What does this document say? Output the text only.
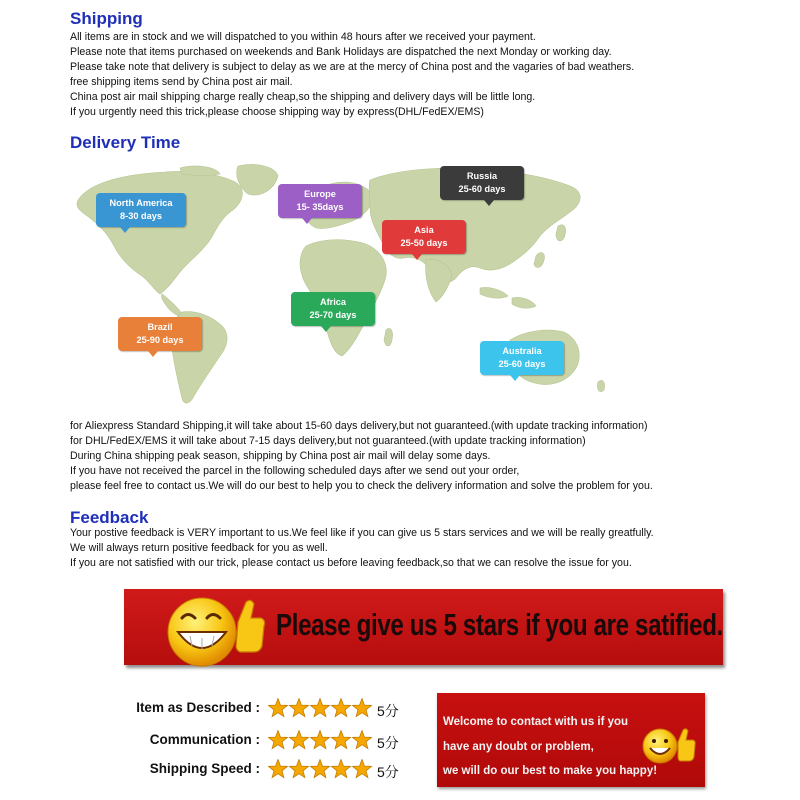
Shipping
All items are in stock and we will dispatched to you within 48 hours after we received your payment.
Please note that items purchased on weekends and Bank Holidays are dispatched the next Monday or working day.
Please take note that delivery is subject to delay as we are at the mercy of China post and the vagaries of bad weathers.
free shipping items send by China post air mail.
China post air mail shipping charge really cheap,so the shipping and delivery days will be little long.
If you urgently need this trick,please choose shipping way by express(DHL/FedEX/EMS)
Delivery Time
North America
8-30 days
Europe
15- 35days
Russia
25-60 days
Asia
25-50 days
Africa
25-70 days
Brazil
25-90 days
Australia
25-60 days
for Aliexpress Standard Shipping,it will take about 15-60 days delivery,but not guaranteed.(with update tracking information)
for DHL/FedEX/EMS it will take about 7-15 days delivery,but not guaranteed.(with update tracking information)
During China shipping peak season, shipping by China post air mail will delay some days.
If you have not received the parcel in the following scheduled days after we send out your order,
please feel free to contact us.We will do our best to help you to check the delivery information and solve the problem for you.
Feedback
Your postive feedback is VERY important to us.We feel like if you can give us 5 stars services and we will be really greatfully.
We will always return positive feedback for you as well.
If you are not satisfied with our trick, please contact us before leaving feedback,so that we can resolve the issue for you.
Please give us 5 stars if you are satified.
Item as Described :	5分
Communication :	5分
Shipping Speed :	5分
Welcome to contact with us if you
have any doubt or problem,
we will do our best to make you happy!
